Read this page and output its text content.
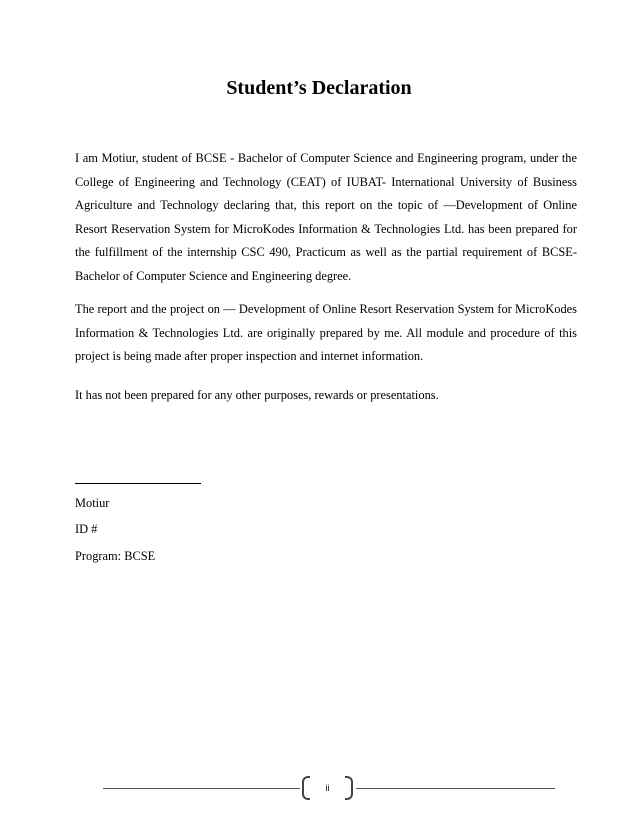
Student’s Declaration

I am Motiur, student of BCSE - Bachelor of Computer Science and Engineering program, under the College of Engineering and Technology (CEAT) of IUBAT- International University of Business Agriculture and Technology declaring that, this report on the topic of ―Development of Online Resort Reservation System for MicroKodes Information & Technologies Ltd. has been prepared for the fulfillment of the internship CSC 490, Practicum as well as the partial requirement of BCSE-Bachelor of Computer Science and Engineering degree.

The report and the project on ― Development of Online Resort Reservation System for MicroKodes Information & Technologies Ltd. are originally prepared by me. All module and procedure of this project is being made after proper inspection and internet information.

It has not been prepared for any other purposes, rewards or presentations.

Motiur
ID #
Program: BCSE
ii
